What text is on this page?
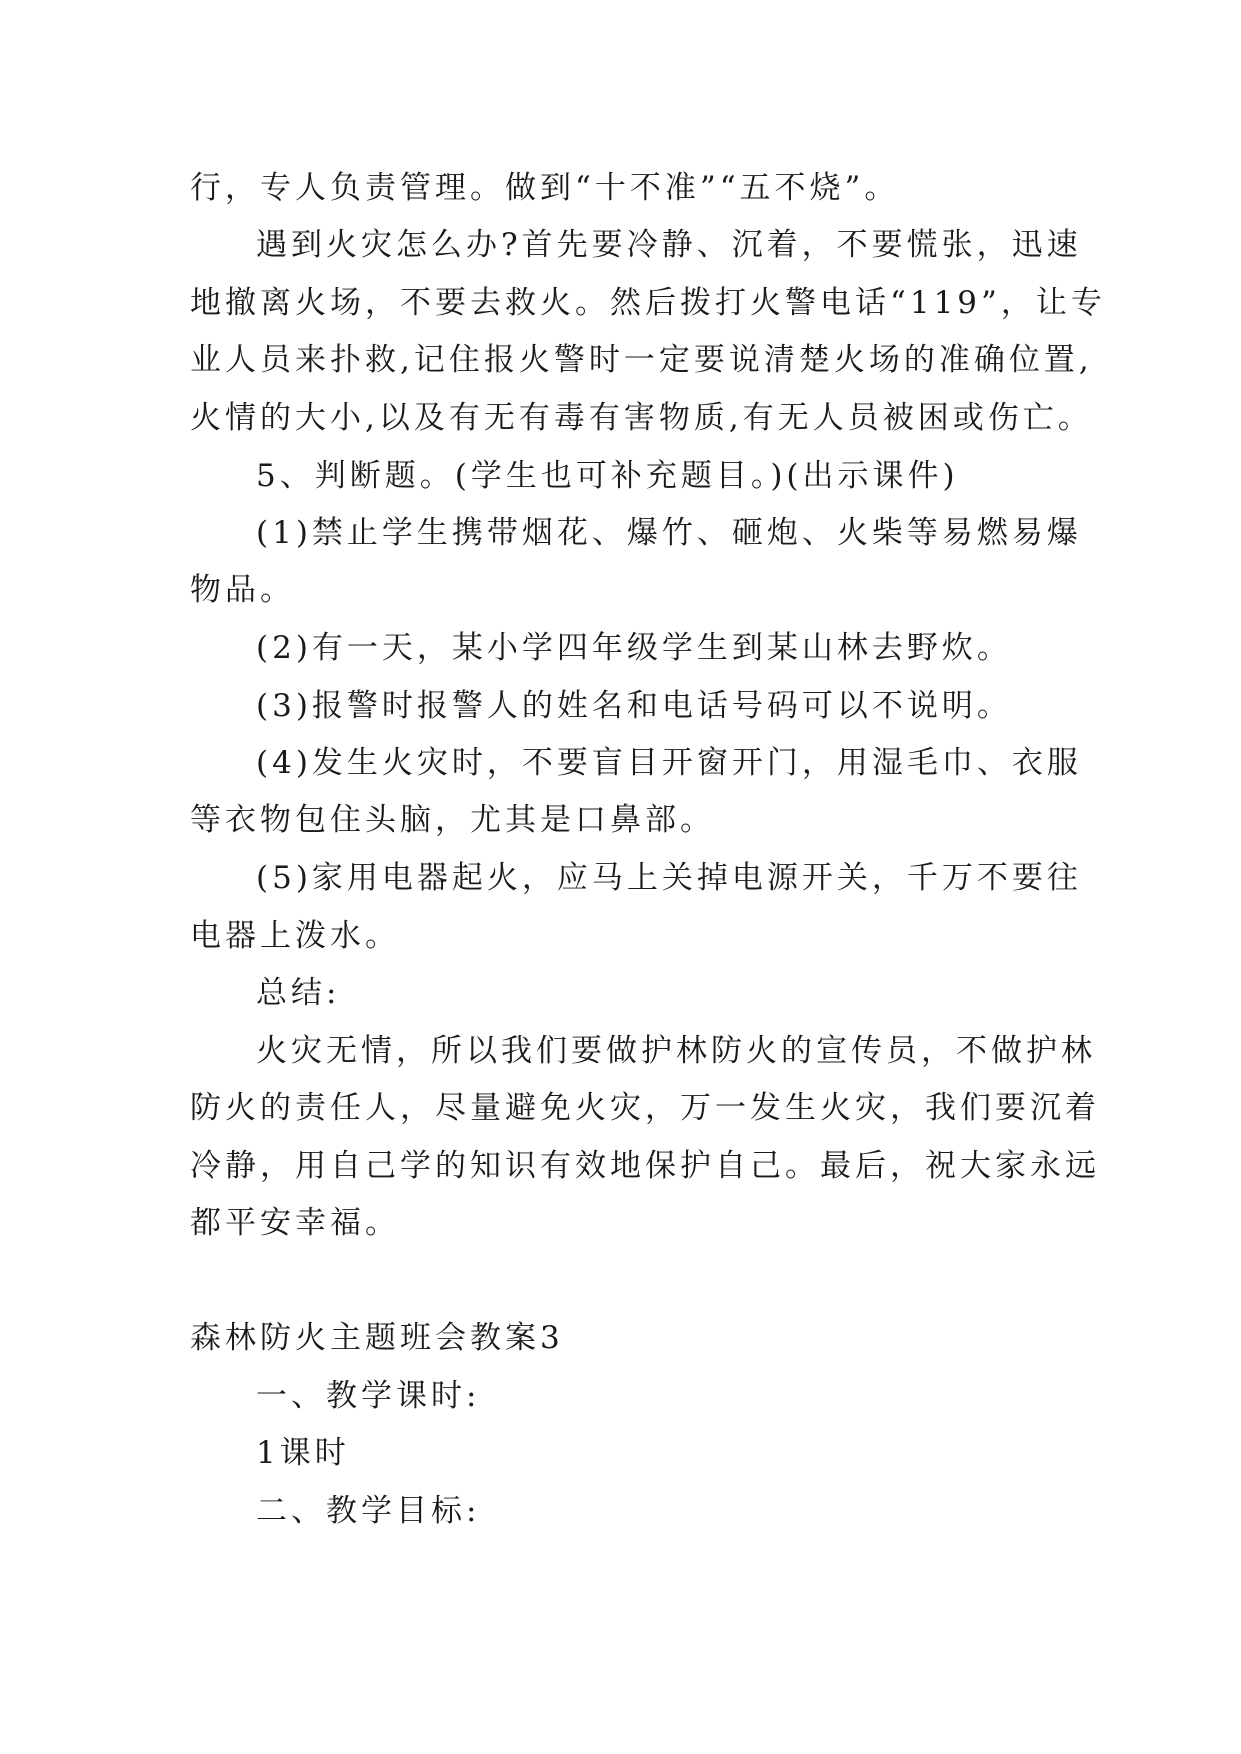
行，专人负责管理。做到“十不准”“五不烧”。
遇到火灾怎么办?首先要冷静、沉着，不要慌张，迅速
地撤离火场，不要去救火。然后拨打火警电话“119”，让专
业人员来扑救,记住报火警时一定要说清楚火场的准确位置,
火情的大小,以及有无有毒有害物质,有无人员被困或伤亡。
5、判断题。(学生也可补充题目。)(出示课件)
(1)禁止学生携带烟花、爆竹、砸炮、火柴等易燃易爆
物品。
(2)有一天，某小学四年级学生到某山林去野炊。
(3)报警时报警人的姓名和电话号码可以不说明。
(4)发生火灾时，不要盲目开窗开门，用湿毛巾、衣服
等衣物包住头脑，尤其是口鼻部。
(5)家用电器起火，应马上关掉电源开关，千万不要往
电器上泼水。
总结:
火灾无情，所以我们要做护林防火的宣传员，不做护林
防火的责任人，尽量避免火灾，万一发生火灾，我们要沉着
冷静，用自己学的知识有效地保护自己。最后，祝大家永远
都平安幸福。
森林防火主题班会教案3
一、教学课时:
1课时
二、教学目标:
